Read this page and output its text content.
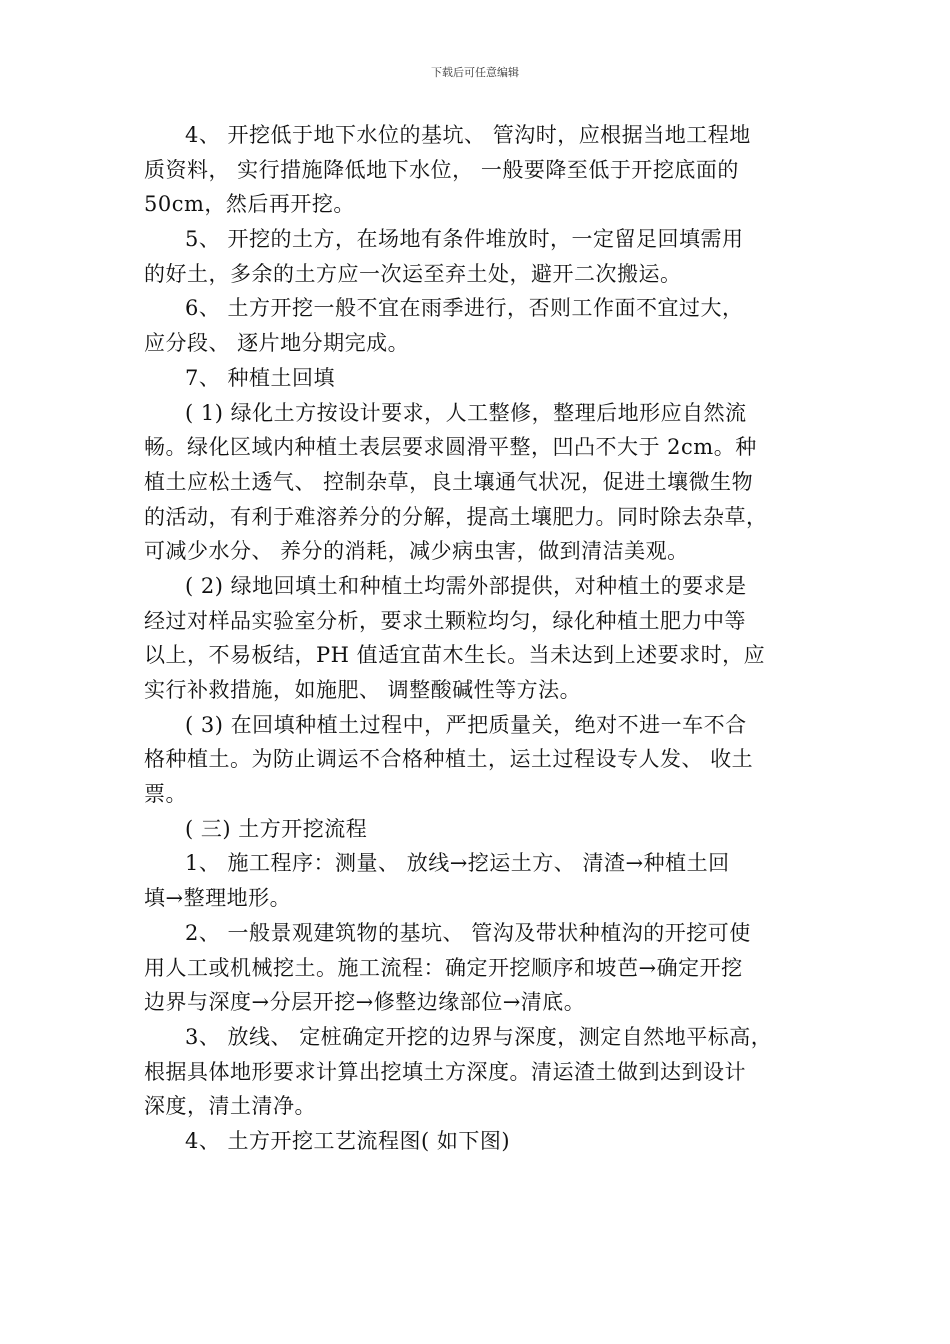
下载后可任意编辑
4、 开挖低于地下水位的基坑、 管沟时，应根据当地工程地
质资料， 实行措施降低地下水位， 一般要降至低于开挖底面的
50cm，然后再开挖。
5、 开挖的土方，在场地有条件堆放时，一定留足回填需用
的好土，多余的土方应一次运至弃土处，避开二次搬运。
6、 土方开挖一般不宜在雨季进行，否则工作面不宜过大，
应分段、 逐片地分期完成。
7、 种植土回填
( 1) 绿化土方按设计要求，人工整修，整理后地形应自然流
畅。绿化区域内种植土表层要求圆滑平整，凹凸不大于 2cm。种
植土应松土透气、 控制杂草，良土壤通气状况，促进土壤微生物
的活动，有利于难溶养分的分解，提高土壤肥力。同时除去杂草，
可减少水分、 养分的消耗，减少病虫害，做到清洁美观。
( 2) 绿地回填土和种植土均需外部提供，对种植土的要求是
经过对样品实验室分析，要求土颗粒均匀，绿化种植土肥力中等
以上，不易板结，PH 值适宜苗木生长。当未达到上述要求时，应
实行补救措施，如施肥、 调整酸碱性等方法。
( 3) 在回填种植土过程中，严把质量关，绝对不进一车不合
格种植土。为防止调运不合格种植土，运土过程设专人发、 收土
票。
( 三) 土方开挖流程
1、 施工程序：测量、 放线→挖运土方、 清渣→种植土回
填→整理地形。
2、 一般景观建筑物的基坑、 管沟及带状种植沟的开挖可使
用人工或机械挖土。施工流程：确定开挖顺序和坡芭→确定开挖
边界与深度→分层开挖→修整边缘部位→清底。
3、 放线、 定桩确定开挖的边界与深度，测定自然地平标高，
根据具体地形要求计算出挖填土方深度。清运渣土做到达到设计
深度，清土清净。
4、 土方开挖工艺流程图( 如下图)
